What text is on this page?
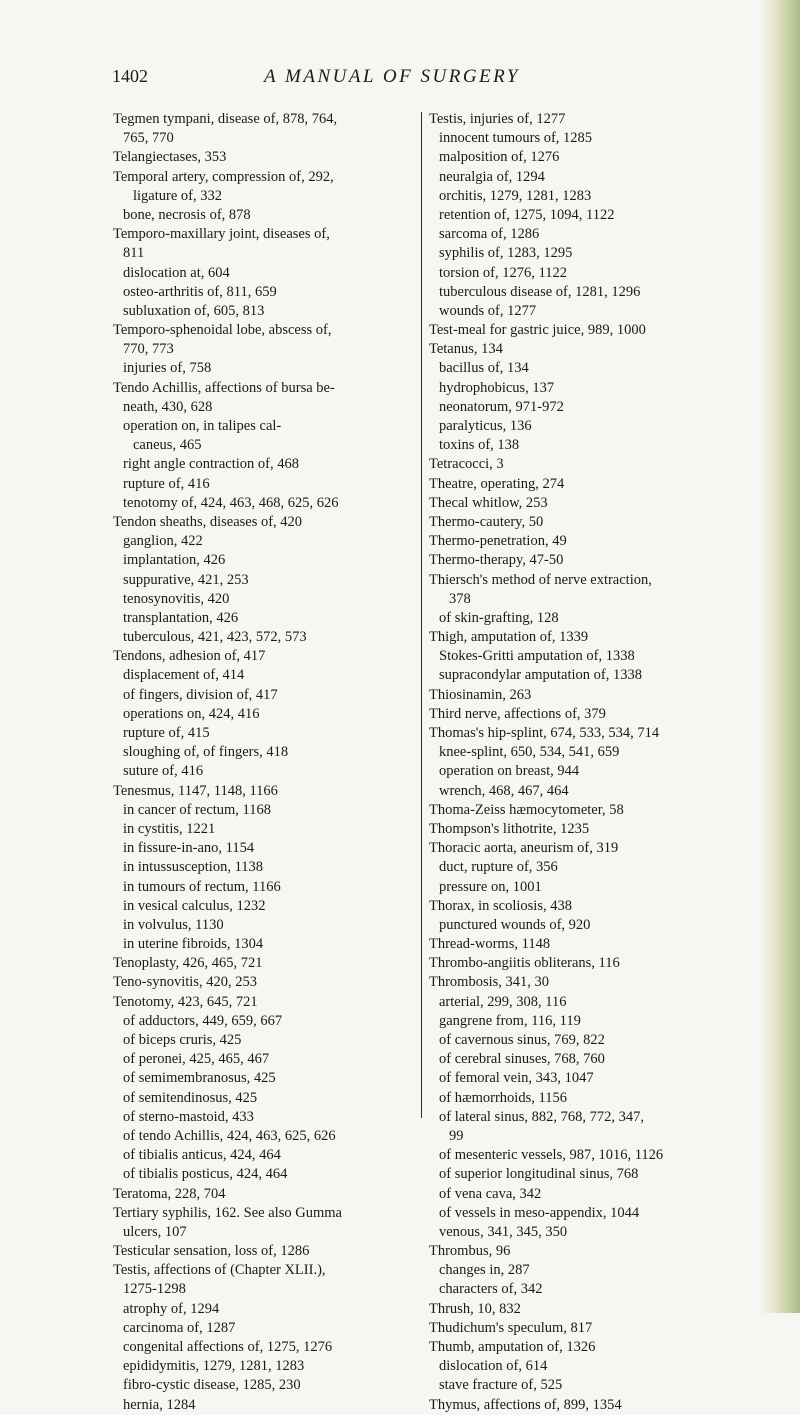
1402	A MANUAL OF SURGERY
Tegmen tympani, disease of, 878, 764,
765, 770
Telangiectases, 353
Temporal artery, compression of, 292,
ligature of, 332
bone, necrosis of, 878
Temporo-maxillary joint, diseases of,
811
dislocation at, 604
osteo-arthritis of, 811, 659
subluxation of, 605, 813
Temporo-sphenoidal lobe, abscess of,
770, 773
injuries of, 758
Tendo Achillis, affections of bursa be-
neath, 430, 628
operation on, in talipes cal-
caneus, 465
right angle contraction of, 468
rupture of, 416
tenotomy of, 424, 463, 468, 625, 626
Tendon sheaths, diseases of, 420
ganglion, 422
implantation, 426
suppurative, 421, 253
tenosynovitis, 420
transplantation, 426
tuberculous, 421, 423, 572, 573
Tendons, adhesion of, 417
displacement of, 414
of fingers, division of, 417
operations on, 424, 416
rupture of, 415
sloughing of, of fingers, 418
suture of, 416
Tenesmus, 1147, 1148, 1166
in cancer of rectum, 1168
in cystitis, 1221
in fissure-in-ano, 1154
in intussusception, 1138
in tumours of rectum, 1166
in vesical calculus, 1232
in volvulus, 1130
in uterine fibroids, 1304
Tenoplasty, 426, 465, 721
Teno-synovitis, 420, 253
Tenotomy, 423, 645, 721
of adductors, 449, 659, 667
of biceps cruris, 425
of peronei, 425, 465, 467
of semimembranosus, 425
of semitendinosus, 425
of sterno-mastoid, 433
of tendo Achillis, 424, 463, 625, 626
of tibialis anticus, 424, 464
of tibialis posticus, 424, 464
Teratoma, 228, 704
Tertiary syphilis, 162. See also Gumma
ulcers, 107
Testicular sensation, loss of, 1286
Testis, affections of (Chapter XLII.),
1275-1298
atrophy of, 1294
carcinoma of, 1287
congenital affections of, 1275, 1276
epididymitis, 1279, 1281, 1283
fibro-cystic disease, 1285, 230
hernia, 1284
Testis, injuries of, 1277
innocent tumours of, 1285
malposition of, 1276
neuralgia of, 1294
orchitis, 1279, 1281, 1283
retention of, 1275, 1094, 1122
sarcoma of, 1286
syphilis of, 1283, 1295
torsion of, 1276, 1122
tuberculous disease of, 1281, 1296
wounds of, 1277
Test-meal for gastric juice, 989, 1000
Tetanus, 134
bacillus of, 134
hydrophobicus, 137
neonatorum, 971-972
paralyticus, 136
toxins of, 138
Tetracocci, 3
Theatre, operating, 274
Thecal whitlow, 253
Thermo-cautery, 50
Thermo-penetration, 49
Thermo-therapy, 47-50
Thiersch's method of nerve extraction,
378
of skin-grafting, 128
Thigh, amputation of, 1339
Stokes-Gritti amputation of, 1338
supracondylar amputation of, 1338
Thiosinamin, 263
Third nerve, affections of, 379
Thomas's hip-splint, 674, 533, 534, 714
knee-splint, 650, 534, 541, 659
operation on breast, 944
wrench, 468, 467, 464
Thoma-Zeiss hæmocytometer, 58
Thompson's lithotrite, 1235
Thoracic aorta, aneurism of, 319
duct, rupture of, 356
pressure on, 1001
Thorax, in scoliosis, 438
punctured wounds of, 920
Thread-worms, 1148
Thrombo-angiitis obliterans, 116
Thrombosis, 341, 30
arterial, 299, 308, 116
gangrene from, 116, 119
of cavernous sinus, 769, 822
of cerebral sinuses, 768, 760
of femoral vein, 343, 1047
of hæmorrhoids, 1156
of lateral sinus, 882, 768, 772, 347,
99
of mesenteric vessels, 987, 1016, 1126
of superior longitudinal sinus, 768
of vena cava, 342
of vessels in meso-appendix, 1044
venous, 341, 345, 350
Thrombus, 96
changes in, 287
characters of, 342
Thrush, 10, 832
Thudichum's speculum, 817
Thumb, amputation of, 1326
dislocation of, 614
stave fracture of, 525
Thymus, affections of, 899, 1354
